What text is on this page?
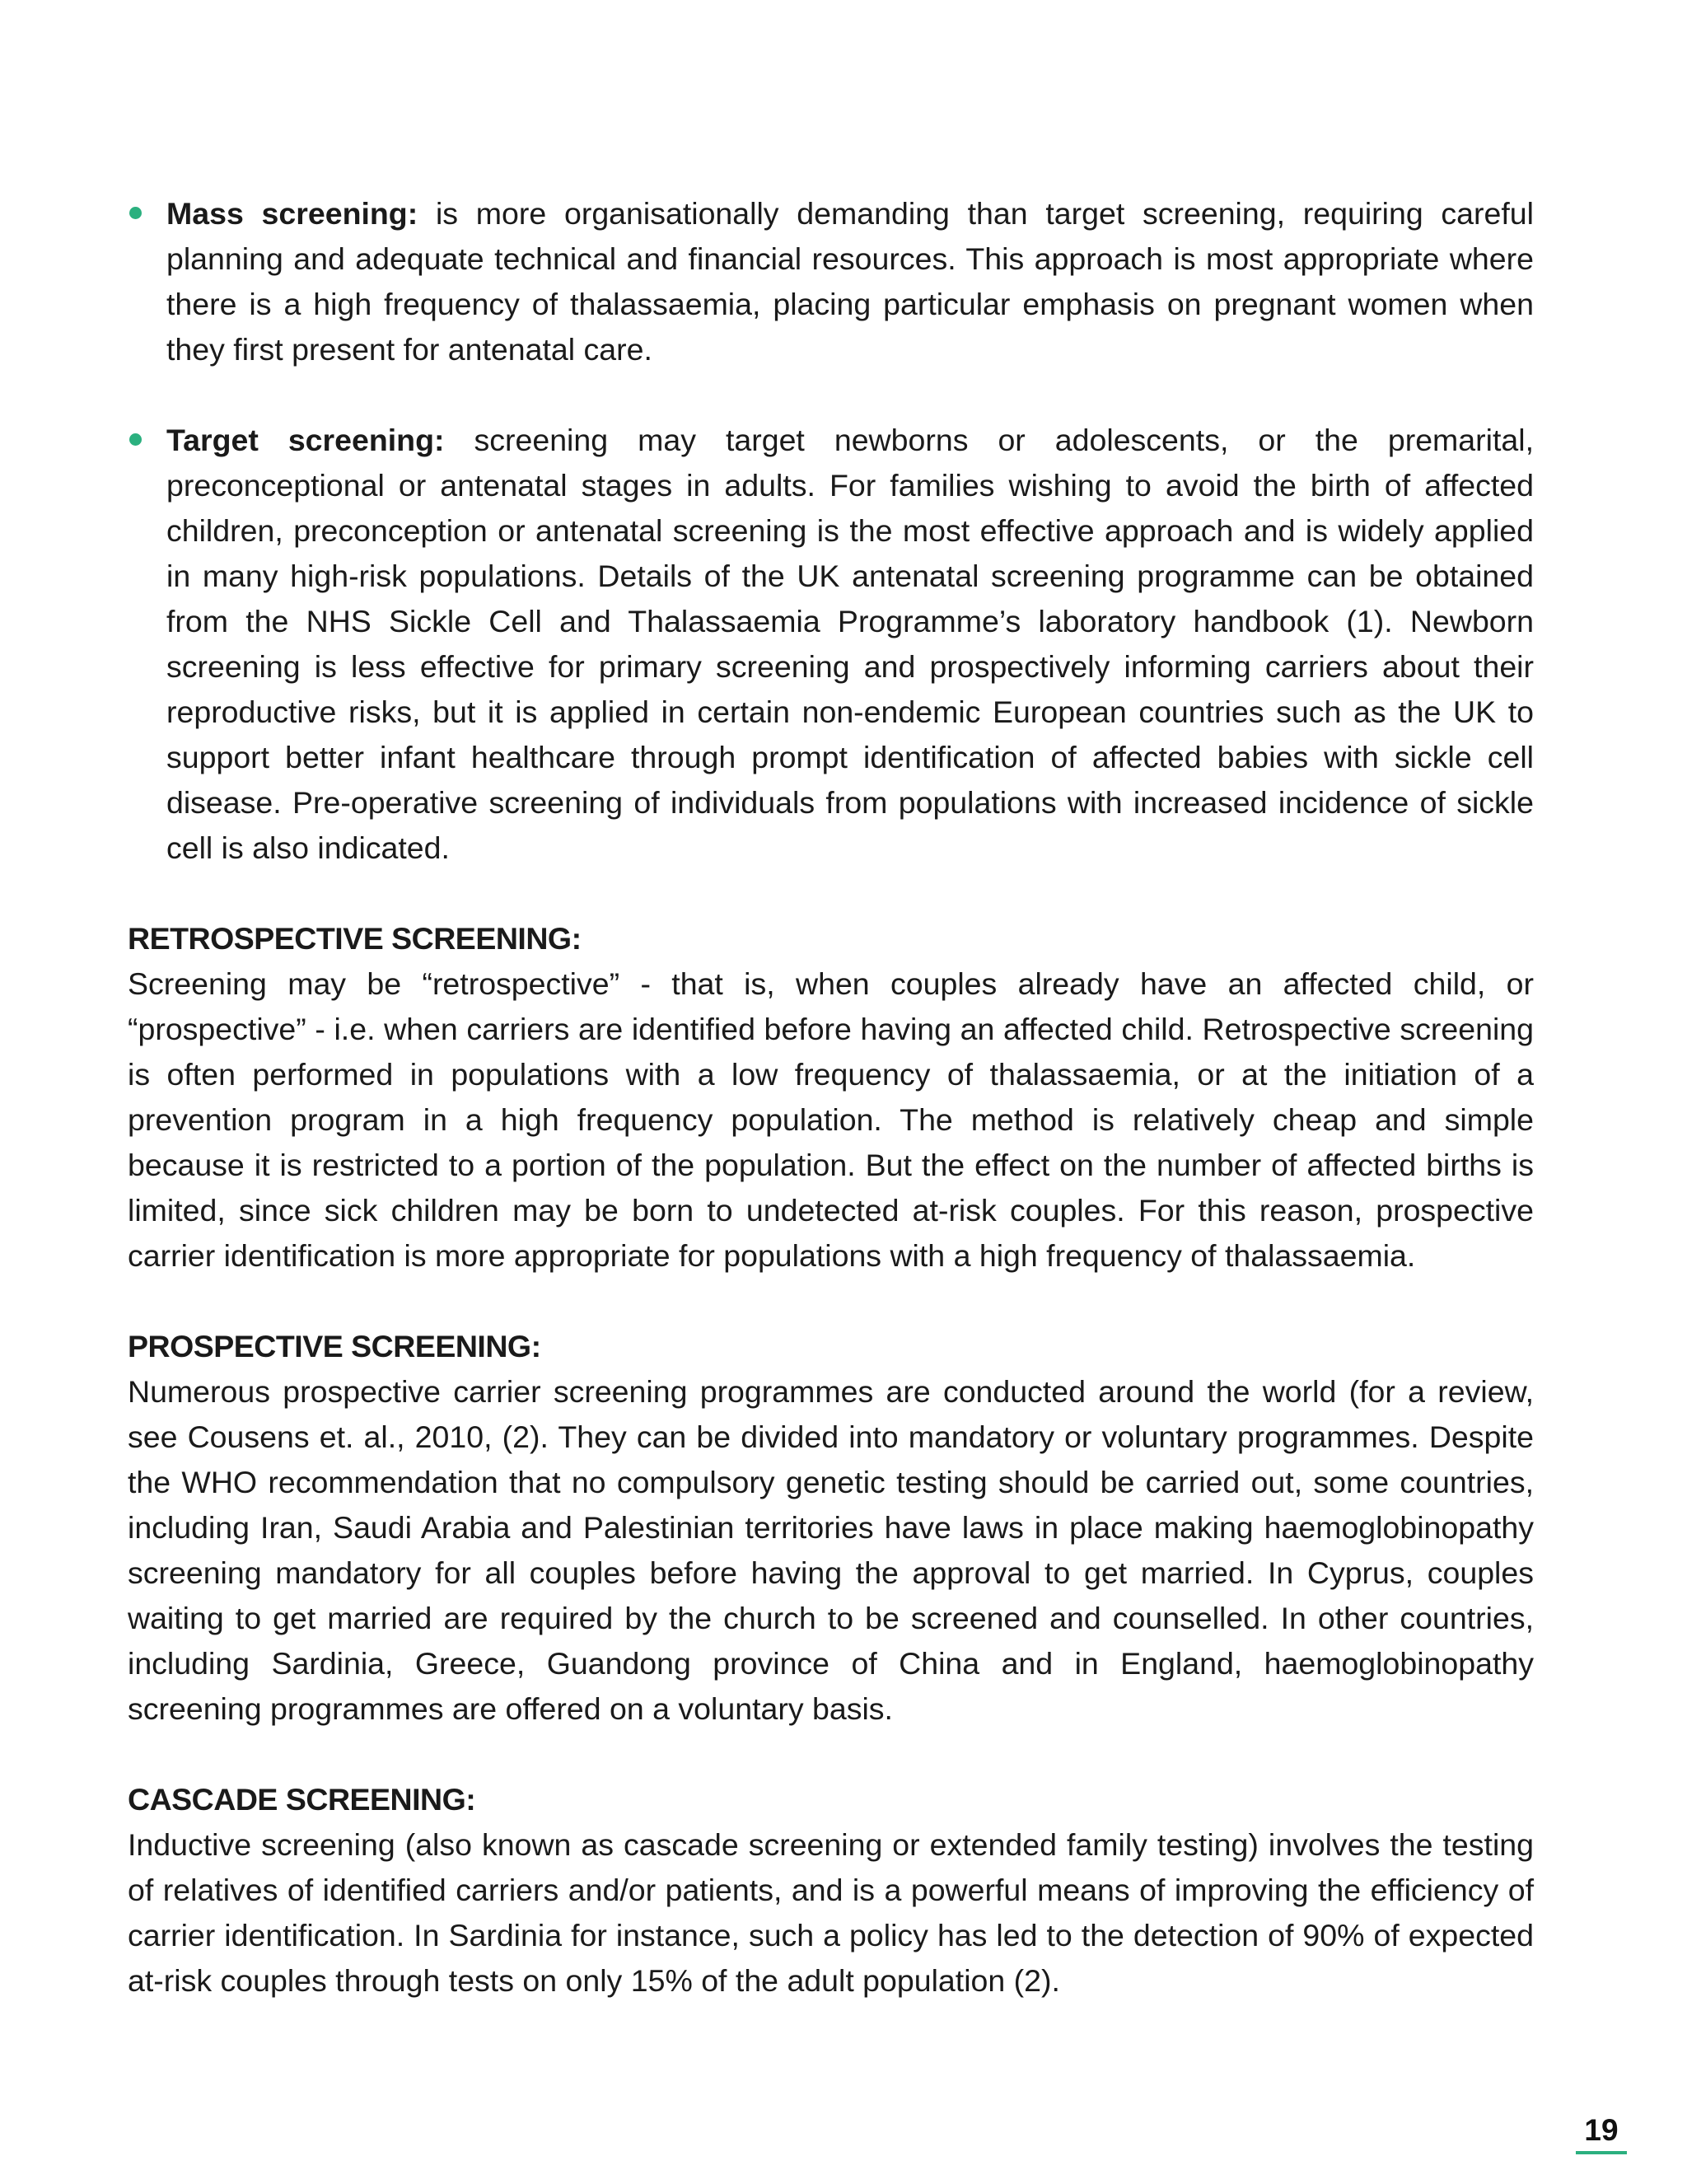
Mass screening: is more organisationally demanding than target screening, requiring careful planning and adequate technical and financial resources. This approach is most appropriate where there is a high frequency of thalassaemia, placing particular emphasis on pregnant women when they first present for antenatal care.

Target screening: screening may target newborns or adolescents, or the premarital, preconceptional or antenatal stages in adults. For families wishing to avoid the birth of affected children, preconception or antenatal screening is the most effective approach and is widely applied in many high-risk populations. Details of the UK antenatal screening programme can be obtained from the NHS Sickle Cell and Thalassaemia Programme’s laboratory handbook (1). Newborn screening is less effective for primary screening and prospectively informing carriers about their reproductive risks, but it is applied in certain non-endemic European countries such as the UK to support better infant healthcare through prompt identification of affected babies with sickle cell disease. Pre-operative screening of individuals from populations with increased incidence of sickle cell is also indicated.

RETROSPECTIVE SCREENING:

Screening may be “retrospective” - that is, when couples already have an affected child, or “prospective” - i.e. when carriers are identified before having an affected child. Retrospective screening is often performed in populations with a low frequency of thalassaemia, or at the initiation of a prevention program in a high frequency population. The method is relatively cheap and simple because it is restricted to a portion of the population. But the effect on the number of affected births is limited, since sick children may be born to undetected at-risk couples. For this reason, prospective carrier identification is more appropriate for populations with a high frequency of thalassaemia.

PROSPECTIVE SCREENING:

Numerous prospective carrier screening programmes are conducted around the world (for a review, see Cousens et. al., 2010, (2). They can be divided into mandatory or voluntary programmes. Despite the WHO recommendation that no compulsory genetic testing should be carried out, some countries, including Iran, Saudi Arabia and Palestinian territories have laws in place making haemoglobinopathy screening mandatory for all couples before having the approval to get married. In Cyprus, couples waiting to get married are required by the church to be screened and counselled. In other countries, including Sardinia, Greece, Guandong province of China and in England, haemoglobinopathy screening programmes are offered on a voluntary basis.

CASCADE SCREENING:

Inductive screening (also known as cascade screening or extended family testing) involves the testing of relatives of identified carriers and/or patients, and is a powerful means of improving the efficiency of carrier identification. In Sardinia for instance, such a policy has led to the detection of 90% of expected at-risk couples through tests on only 15% of the adult population (2).

19
